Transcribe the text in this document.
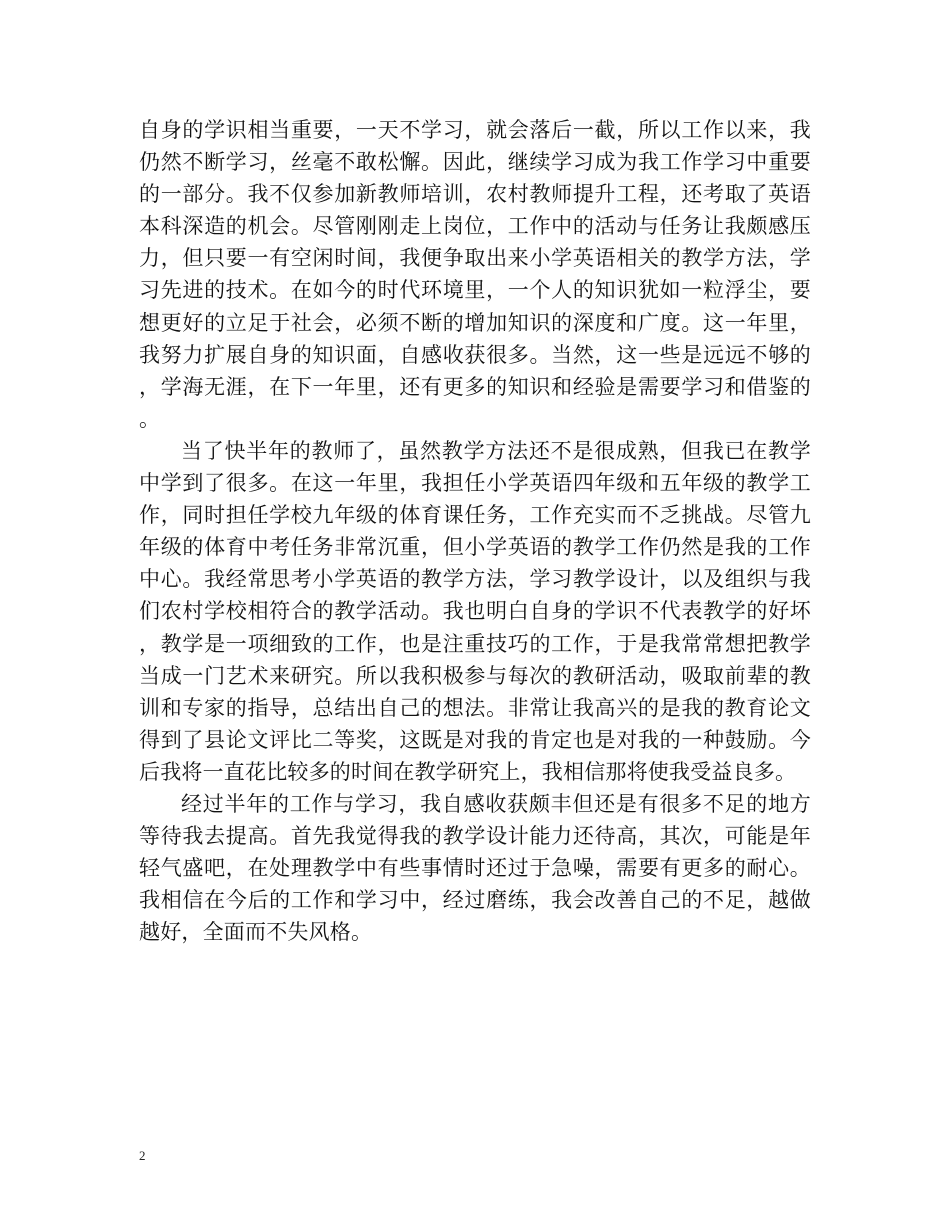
自身的学识相当重要，一天不学习，就会落后一截，所以工作以来，我仍然不断学习，丝毫不敢松懈。因此，继续学习成为我工作学习中重要的一部分。我不仅参加新教师培训，农村教师提升工程，还考取了英语本科深造的机会。尽管刚刚走上岗位，工作中的活动与任务让我颇感压力，但只要一有空闲时间，我便争取出来小学英语相关的教学方法，学习先进的技术。在如今的时代环境里，一个人的知识犹如一粒浮尘，要想更好的立足于社会，必须不断的增加知识的深度和广度。这一年里，我努力扩展自身的知识面，自感收获很多。当然，这一些是远远不够的，学海无涯，在下一年里，还有更多的知识和经验是需要学习和借鉴的。

当了快半年的教师了，虽然教学方法还不是很成熟，但我已在教学中学到了很多。在这一年里，我担任小学英语四年级和五年级的教学工作，同时担任学校九年级的体育课任务，工作充实而不乏挑战。尽管九年级的体育中考任务非常沉重，但小学英语的教学工作仍然是我的工作中心。我经常思考小学英语的教学方法，学习教学设计，以及组织与我们农村学校相符合的教学活动。我也明白自身的学识不代表教学的好坏，教学是一项细致的工作，也是注重技巧的工作，于是我常常想把教学当成一门艺术来研究。所以我积极参与每次的教研活动，吸取前辈的教训和专家的指导，总结出自己的想法。非常让我高兴的是我的教育论文得到了县论文评比二等奖，这既是对我的肯定也是对我的一种鼓励。今后我将一直花比较多的时间在教学研究上，我相信那将使我受益良多。

经过半年的工作与学习，我自感收获颇丰但还是有很多不足的地方等待我去提高。首先我觉得我的教学设计能力还待高，其次，可能是年轻气盛吧，在处理教学中有些事情时还过于急噪，需要有更多的耐心。我相信在今后的工作和学习中，经过磨练，我会改善自己的不足，越做越好，全面而不失风格。

2
